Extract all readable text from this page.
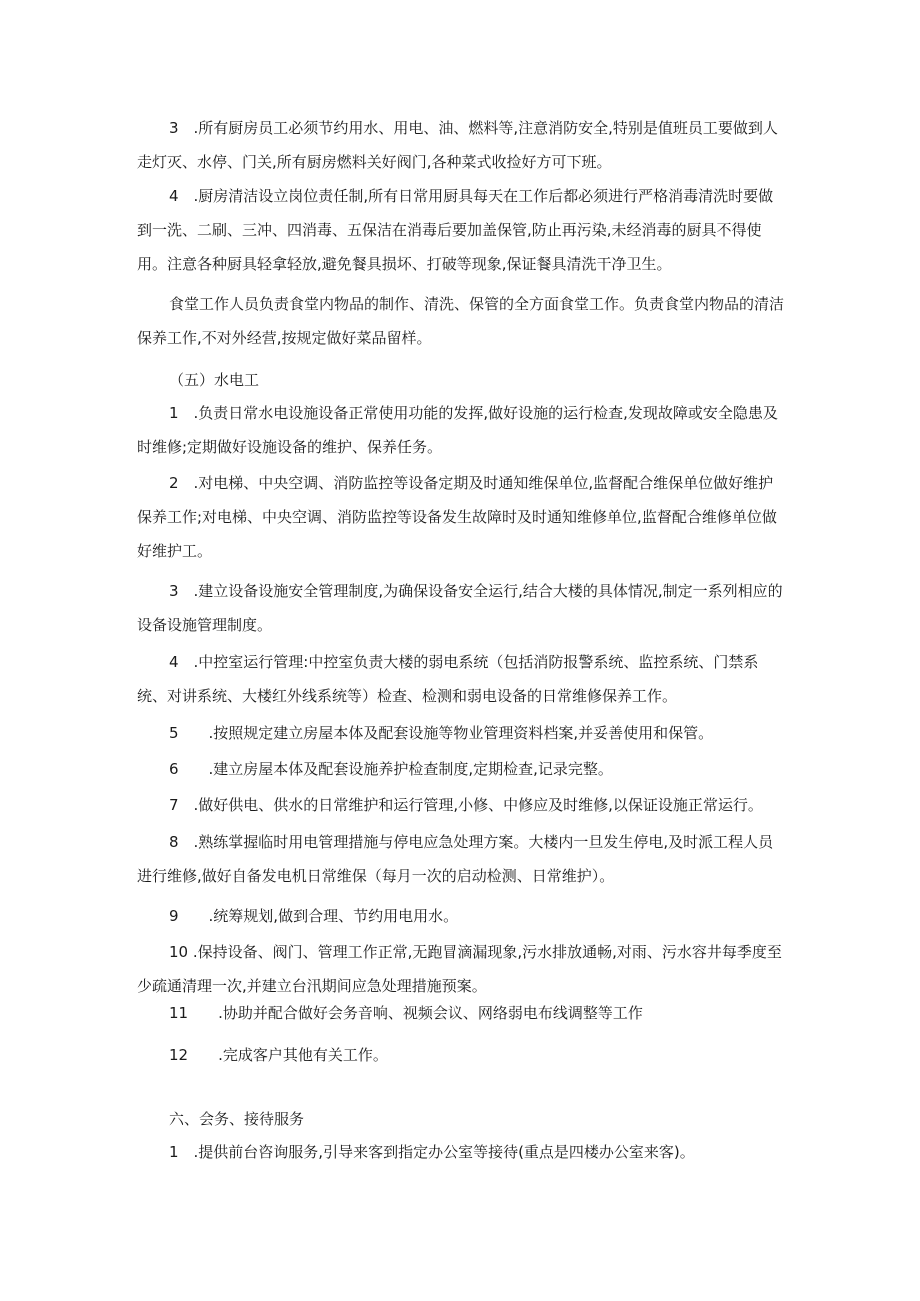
3　.所有厨房员工必须节约用水、用电、油、燃料等,注意消防安全,特别是值班员工要做到人走灯灭、水停、门关,所有厨房燃料关好阀门,各种菜式收捡好方可下班。

4　.厨房清洁设立岗位责任制,所有日常用厨具每天在工作后都必须进行严格消毒清洗时要做到一洗、二刷、三冲、四消毒、五保洁在消毒后要加盖保管,防止再污染,未经消毒的厨具不得使用。注意各种厨具轻拿轻放,避免餐具损坏、打破等现象,保证餐具清洗干净卫生。

食堂工作人员负责食堂内物品的制作、清洗、保管的全方面食堂工作。负责食堂内物品的清洁保养工作,不对外经营,按规定做好菜品留样。

（五）水电工

1　.负责日常水电设施设备正常使用功能的发挥,做好设施的运行检查,发现故障或安全隐患及时维修;定期做好设施设备的维护、保养任务。

2　.对电梯、中央空调、消防监控等设备定期及时通知维保单位,监督配合维保单位做好维护保养工作;对电梯、中央空调、消防监控等设备发生故障时及时通知维修单位,监督配合维修单位做好维护工。

3　.建立设备设施安全管理制度,为确保设备安全运行,结合大楼的具体情况,制定一系列相应的设备设施管理制度。

4　.中控室运行管理:中控室负责大楼的弱电系统（包括消防报警系统、监控系统、门禁系统、对讲系统、大楼红外线系统等）检查、检测和弱电设备的日常维修保养工作。

5　　.按照规定建立房屋本体及配套设施等物业管理资料档案,并妥善使用和保管。

6　　.建立房屋本体及配套设施养护检查制度,定期检查,记录完整。

7　.做好供电、供水的日常维护和运行管理,小修、中修应及时维修,以保证设施正常运行。

8　.熟练掌握临时用电管理措施与停电应急处理方案。大楼内一旦发生停电,及时派工程人员进行维修,做好自备发电机日常维保（每月一次的启动检测、日常维护）。

9　　.统筹规划,做到合理、节约用电用水。

10 .保持设备、阀门、管理工作正常,无跑冒滴漏现象,污水排放通畅,对雨、污水容井每季度至少疏通清理一次,并建立台汛期间应急处理措施预案。

11　　.协助并配合做好会务音响、视频会议、网络弱电布线调整等工作

12　　.完成客户其他有关工作。

六、会务、接待服务

1　.提供前台咨询服务,引导来客到指定办公室等接待(重点是四楼办公室来客)。
